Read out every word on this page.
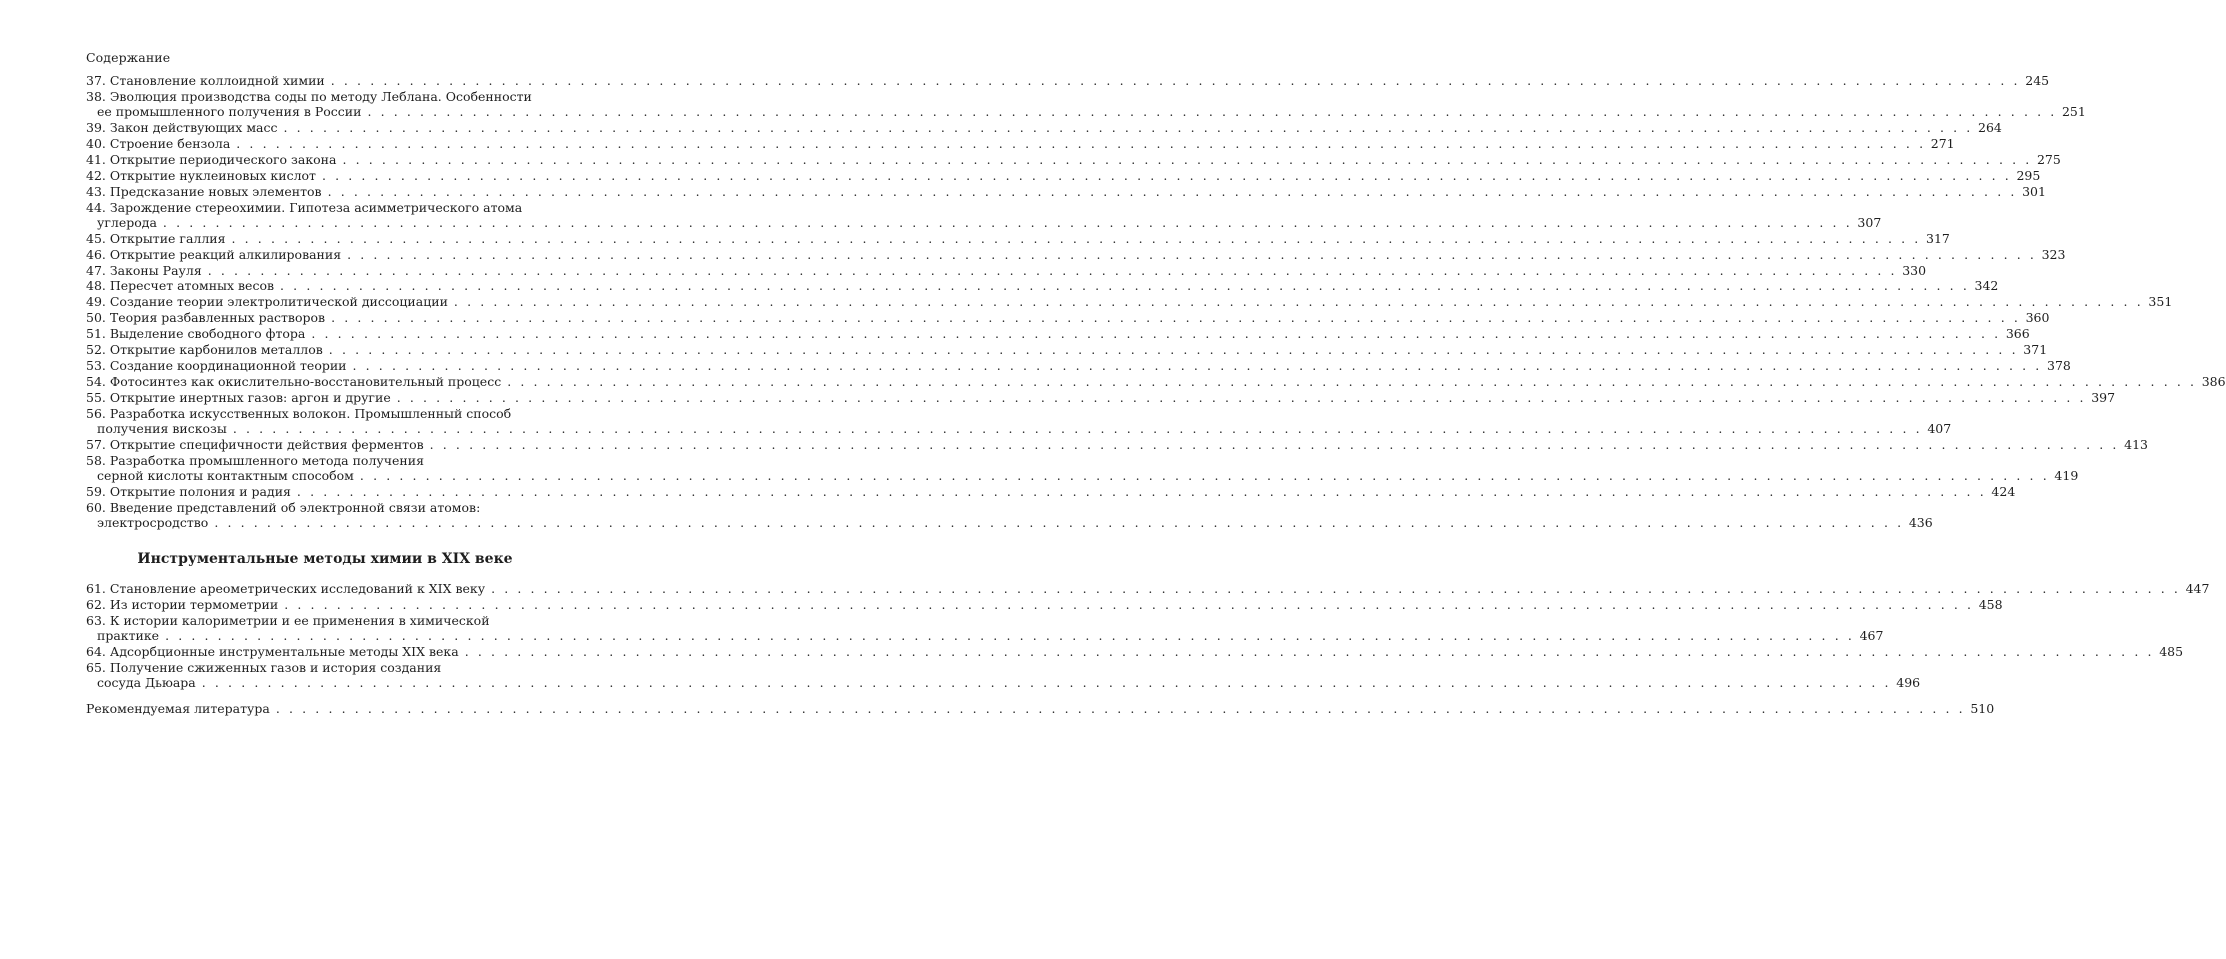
Содержание
37. Становление коллоидной химии . . .	245
38. Эволюция производства соды по методу Леблана. Особенности
ее промышленного получения в России . . .	251
39. Закон действующих масс . . .	264
40. Строение бензола . . .	271
41. Открытие периодического закона . . .	275
42. Открытие нуклеиновых кислот . . .	295
43. Предсказание новых элементов . . .	301
44. Зарождение стереохимии. Гипотеза асимметрического атома
углерода . . .	307
45. Открытие галлия . . .	317
46. Открытие реакций алкилирования . . .	323
47. Законы Рауля . . .	330
48. Пересчет атомных весов . . .	342
49. Создание теории электролитической диссоциации . . .	351
50. Теория разбавленных растворов . . .	360
51. Выделение свободного фтора . . .	366
52. Открытие карбонилов металлов . . .	371
53. Создание координационной теории . . .	378
54. Фотосинтез как окислительно-восстановительный процесс . . .	386
55. Открытие инертных газов: аргон и другие . . .	397
56. Разработка искусственных волокон. Промышленный способ
получения вискозы . . .	407
57. Открытие специфичности действия ферментов . . .	413
58. Разработка промышленного метода получения
серной кислоты контактным способом . . .	419
59. Открытие полония и радия . . .	424
60. Введение представлений об электронной связи атомов:
электросродство . . .	436
Инструментальные методы химии в XIX веке
61. Становление ареометрических исследований к XIX веку . . .	447
62. Из истории термометрии . . .	458
63. К истории калориметрии и ее применения в химической
практике . . .	467
64. Адсорбционные инструментальные методы XIX века . . .	485
65. Получение сжиженных газов и история создания
сосуда Дьюара . . .	496
Рекомендуемая литература . . .	510
